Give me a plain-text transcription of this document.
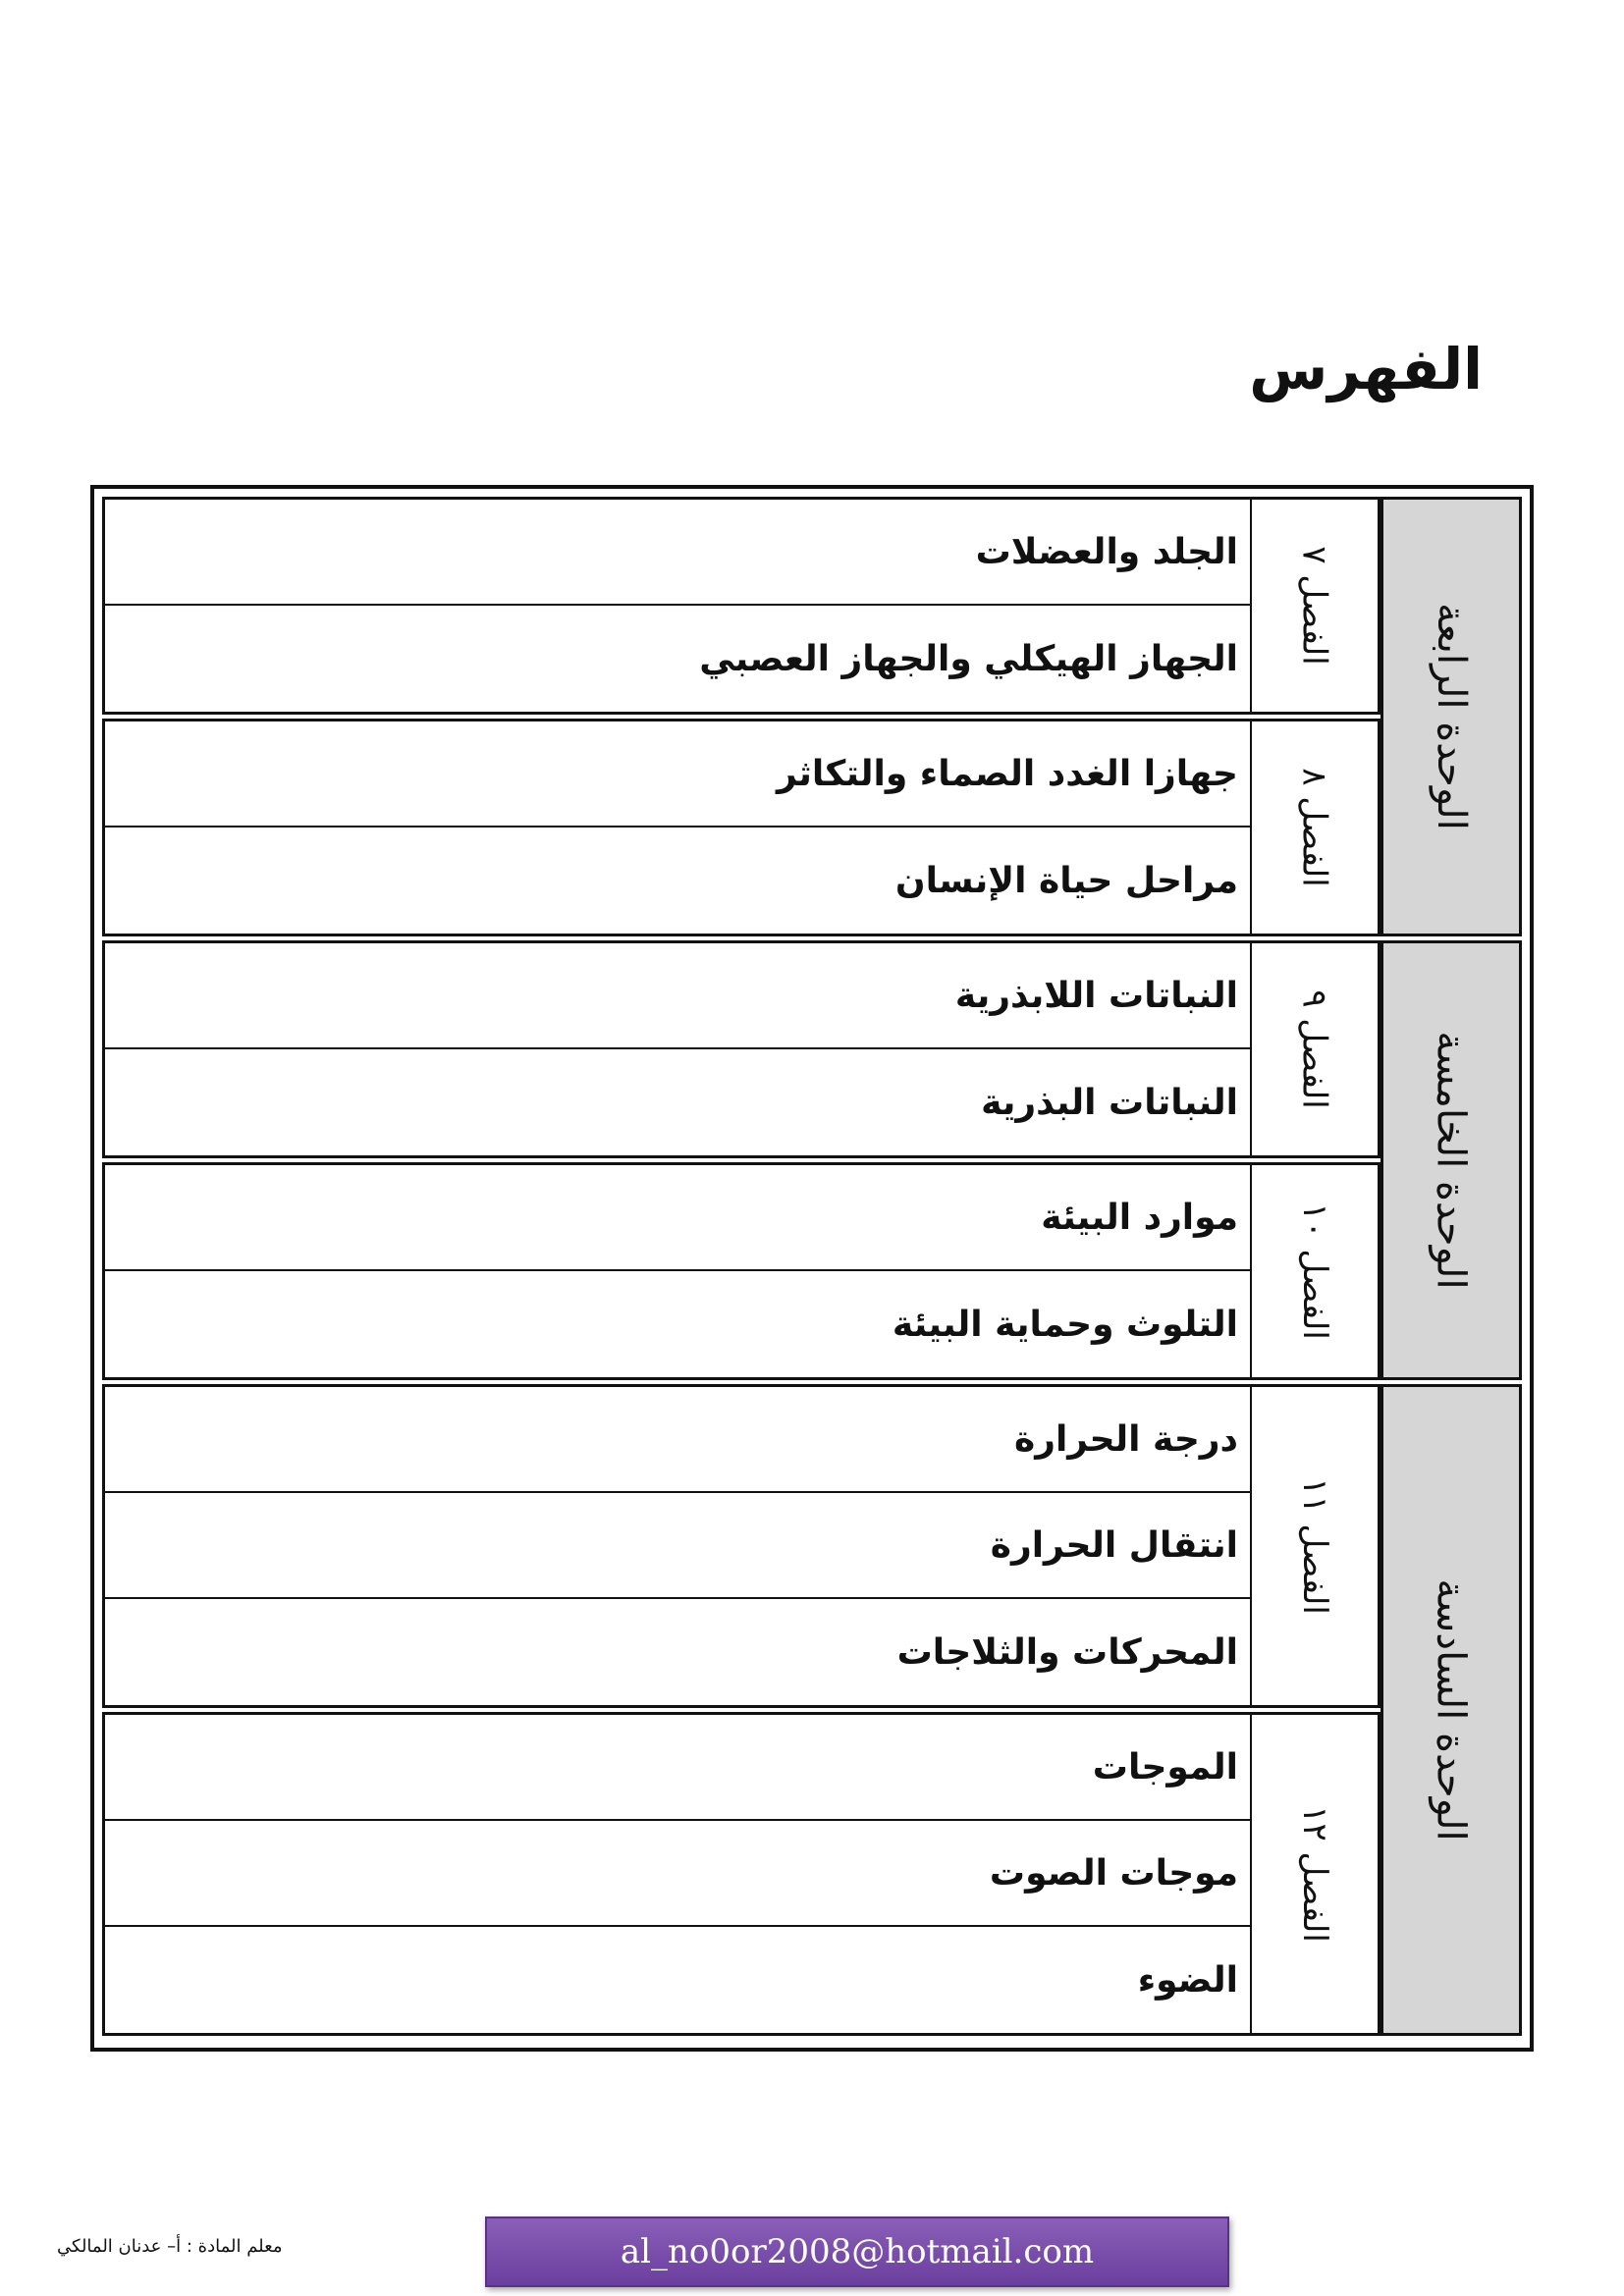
الفهرس
الفصل ٧
الجلد والعضلات
الجهاز الهيكلي والجهاز العصبي
الفصل ٨
جهازا الغدد الصماء والتكاثر
مراحل حياة الإنسان
الوحدة الرابعة
الفصل ٩
النباتات اللابذرية
النباتات البذرية
الفصل ١٠
موارد البيئة
التلوث وحماية البيئة
الوحدة الخامسة
الفصل ١١
درجة الحرارة
انتقال الحرارة
المحركات والثلاجات
الفصل ١٢
الموجات
موجات الصوت
الضوء
الوحدة السادسة
معلم المادة : أ– عدنان المالكي	al_no0or2008@hotmail.com
